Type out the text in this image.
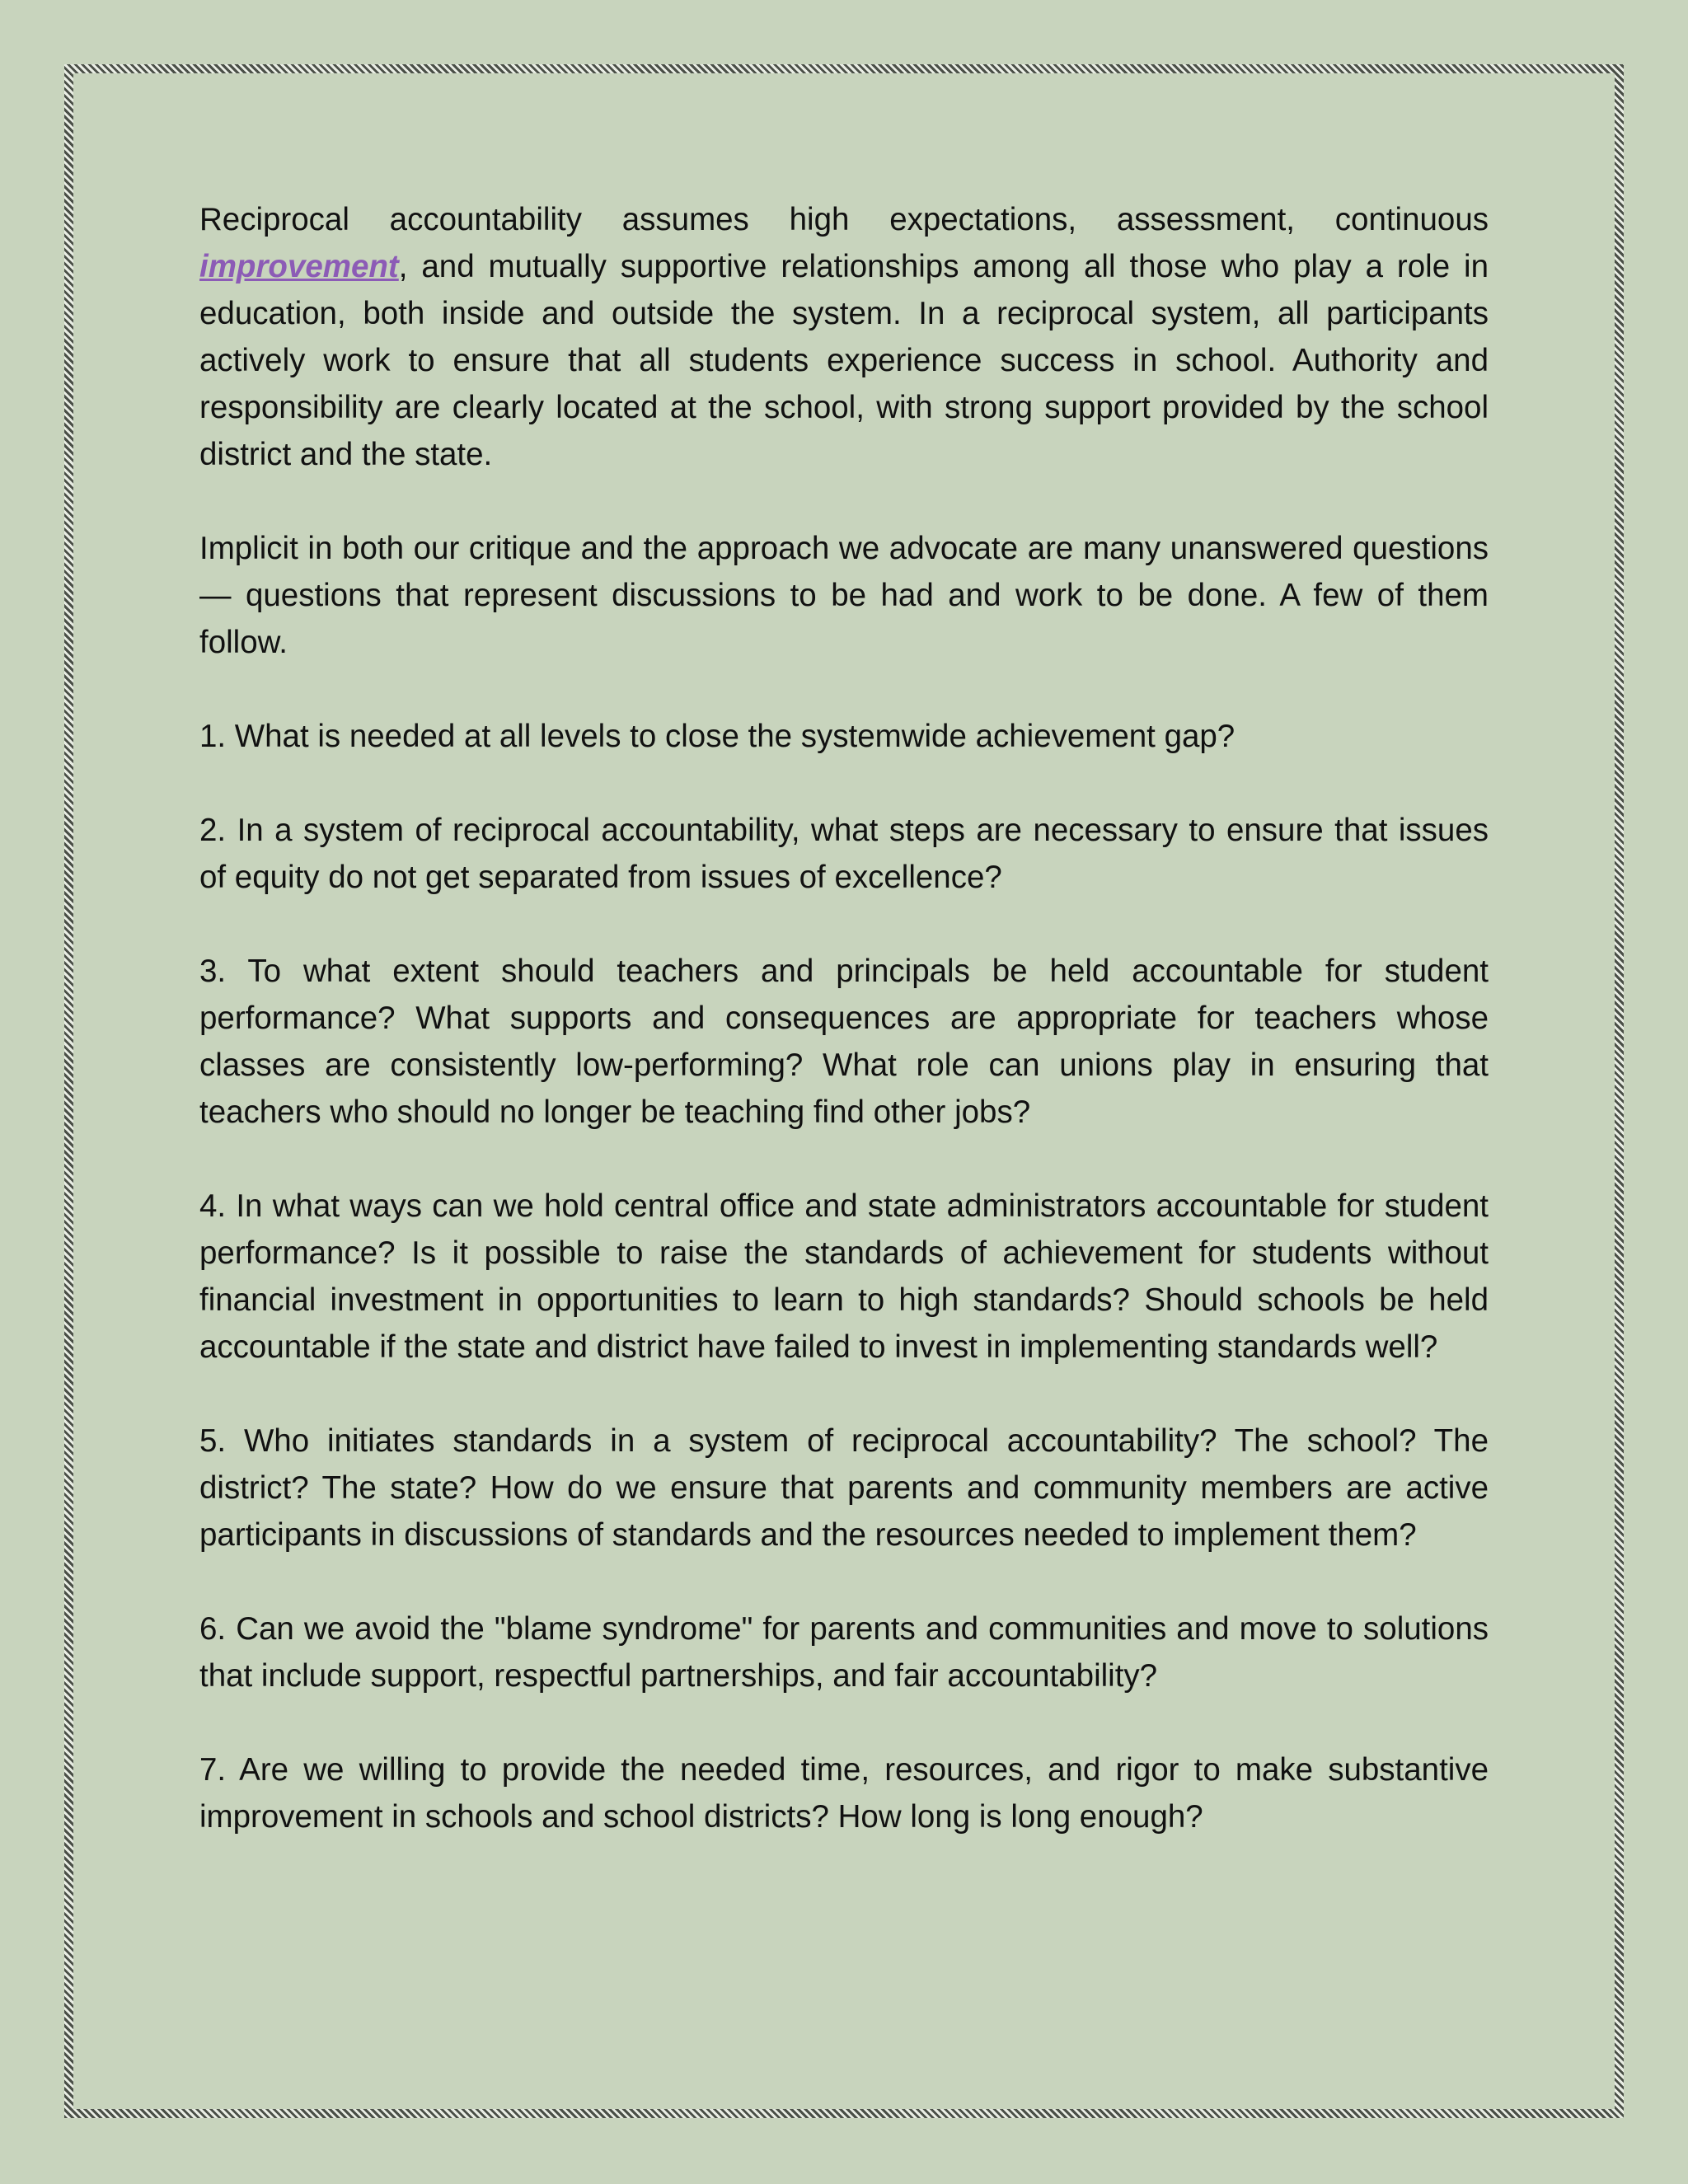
Reciprocal accountability assumes high expectations, assessment, continuous improvement, and mutually supportive relationships among all those who play a role in education, both inside and outside the system. In a reciprocal system, all participants actively work to ensure that all students experience success in school. Authority and responsibility are clearly located at the school, with strong support provided by the school district and the state.

Implicit in both our critique and the approach we advocate are many unanswered questions— questions that represent discussions to be had and work to be done. A few of them follow.

1. What is needed at all levels to close the systemwide achievement gap?

2. In a system of reciprocal accountability, what steps are necessary to ensure that issues of equity do not get separated from issues of excellence?

3. To what extent should teachers and principals be held accountable for student performance? What supports and consequences are appropriate for teachers whose classes are consistently low-performing? What role can unions play in ensuring that teachers who should no longer be teaching find other jobs?

4. In what ways can we hold central office and state administrators accountable for student performance? Is it possible to raise the standards of achievement for students without financial investment in opportunities to learn to high standards? Should schools be held accountable if the state and district have failed to invest in implementing standards well?

5. Who initiates standards in a system of reciprocal accountability? The school? The district? The state? How do we ensure that parents and community members are active participants in discussions of standards and the resources needed to implement them?

6. Can we avoid the "blame syndrome" for parents and communities and move to solutions that include support, respectful partnerships, and fair accountability?

7. Are we willing to provide the needed time, resources, and rigor to make substantive improvement in schools and school districts? How long is long enough?
